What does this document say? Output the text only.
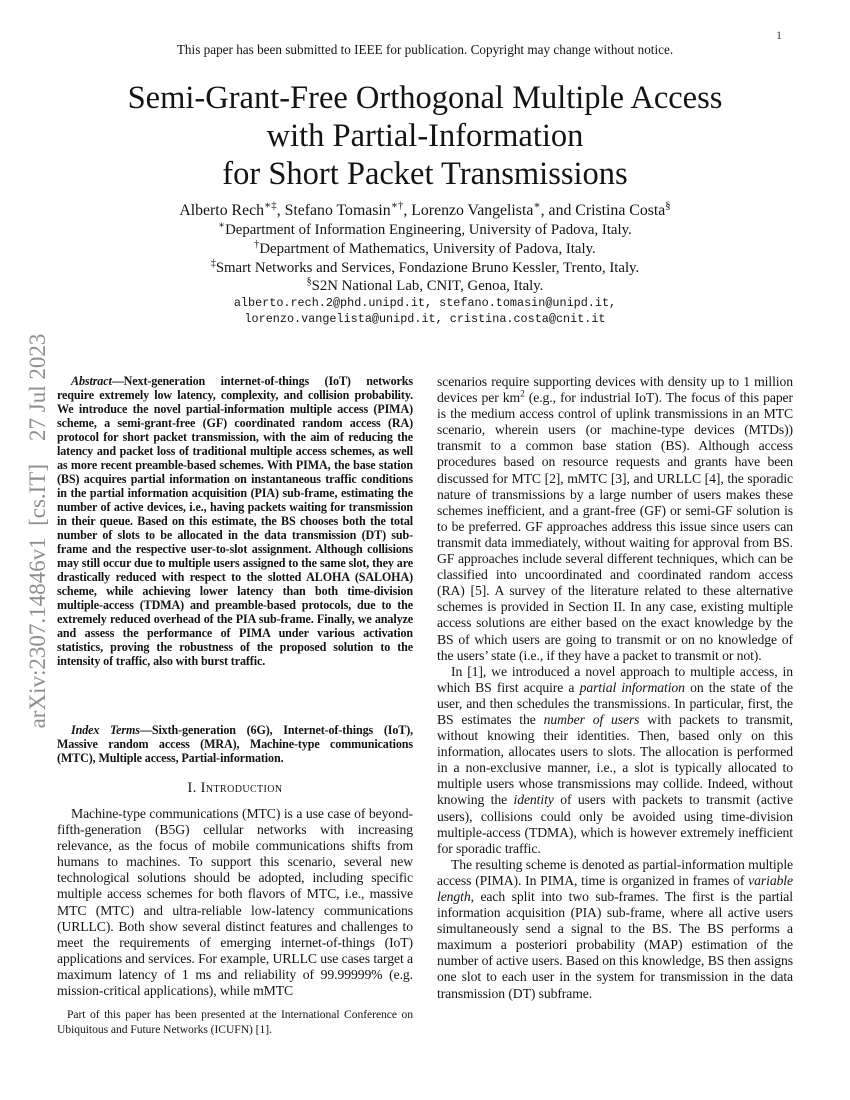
This paper has been submitted to IEEE for publication. Copyright may change without notice.
1
arXiv:2307.14846v1 [cs.IT]  27 Jul 2023
Semi-Grant-Free Orthogonal Multiple Access
with Partial-Information
for Short Packet Transmissions
Alberto Rech∗‡, Stefano Tomasin∗†, Lorenzo Vangelista∗, and Cristina Costa§
∗Department of Information Engineering, University of Padova, Italy.
†Department of Mathematics, University of Padova, Italy.
‡Smart Networks and Services, Fondazione Bruno Kessler, Trento, Italy.
§S2N National Lab, CNIT, Genoa, Italy.
alberto.rech.2@phd.unipd.it, stefano.tomasin@unipd.it,
lorenzo.vangelista@unipd.it, cristina.costa@cnit.it

Abstract—Next-generation internet-of-things (IoT) networks require extremely low latency, complexity, and collision probability. We introduce the novel partial-information multiple access (PIMA) scheme, a semi-grant-free (GF) coordinated random access (RA) protocol for short packet transmission, with the aim of reducing the latency and packet loss of traditional multiple access schemes, as well as more recent preamble-based schemes. With PIMA, the base station (BS) acquires partial information on instantaneous traffic conditions in the partial information acquisition (PIA) sub-frame, estimating the number of active devices, i.e., having packets waiting for transmission in their queue. Based on this estimate, the BS chooses both the total number of slots to be allocated in the data transmission (DT) sub-frame and the respective user-to-slot assignment. Although collisions may still occur due to multiple users assigned to the same slot, they are drastically reduced with respect to the slotted ALOHA (SALOHA) scheme, while achieving lower latency than both time-division multiple-access (TDMA) and preamble-based protocols, due to the extremely reduced overhead of the PIA sub-frame. Finally, we analyze and assess the performance of PIMA under various activation statistics, proving the robustness of the proposed solution to the intensity of traffic, also with burst traffic.

Index Terms—Sixth-generation (6G), Internet-of-things (IoT), Massive random access (MRA), Machine-type communications (MTC), Multiple access, Partial-information.

I. Introduction

Machine-type communications (MTC) is a use case of beyond-fifth-generation (B5G) cellular networks with increasing relevance, as the focus of mobile communications shifts from humans to machines. To support this scenario, several new technological solutions should be adopted, including specific multiple access schemes for both flavors of MTC, i.e., massive MTC (MTC) and ultra-reliable low-latency communications (URLLC). Both show several distinct features and challenges to meet the requirements of emerging internet-of-things (IoT) applications and services. For example, URLLC use cases target a maximum latency of 1 ms and reliability of 99.99999% (e.g. mission-critical applications), while mMTC

Part of this paper has been presented at the International Conference on Ubiquitous and Future Networks (ICUFN) [1].

scenarios require supporting devices with density up to 1 million devices per $km^2$ (e.g., for industrial IoT). The focus of this paper is the medium access control of uplink transmissions in an MTC scenario, wherein users (or machine-type devices (MTDs)) transmit to a common base station (BS). Although access procedures based on resource requests and grants have been discussed for MTC [2], mMTC [3], and URLLC [4], the sporadic nature of transmissions by a large number of users makes these schemes inefficient, and a grant-free (GF) or semi-GF solution is to be preferred. GF approaches address this issue since users can transmit data immediately, without waiting for approval from BS. GF approaches include several different techniques, which can be classified into uncoordinated and coordinated random access (RA) [5]. A survey of the literature related to these alternative schemes is provided in Section II. In any case, existing multiple access solutions are either based on the exact knowledge by the BS of which users are going to transmit or on no knowledge of the users’ state (i.e., if they have a packet to transmit or not).

In [1], we introduced a novel approach to multiple access, in which BS first acquire a partial information on the state of the user, and then schedules the transmissions. In particular, first, the BS estimates the number of users with packets to transmit, without knowing their identities. Then, based only on this information, allocates users to slots. The allocation is performed in a non-exclusive manner, i.e., a slot is typically allocated to multiple users whose transmissions may collide. Indeed, without knowing the identity of users with packets to transmit (active users), collisions could only be avoided using time-division multiple-access (TDMA), which is however extremely inefficient for sporadic traffic.

The resulting scheme is denoted as partial-information multiple access (PIMA). In PIMA, time is organized in frames of variable length, each split into two sub-frames. The first is the partial information acquisition (PIA) sub-frame, where all active users simultaneously send a signal to the BS. The BS performs a maximum a posteriori probability (MAP) estimation of the number of active users. Based on this knowledge, BS then assigns one slot to each user in the system for transmission in the data transmission (DT) subframe.
